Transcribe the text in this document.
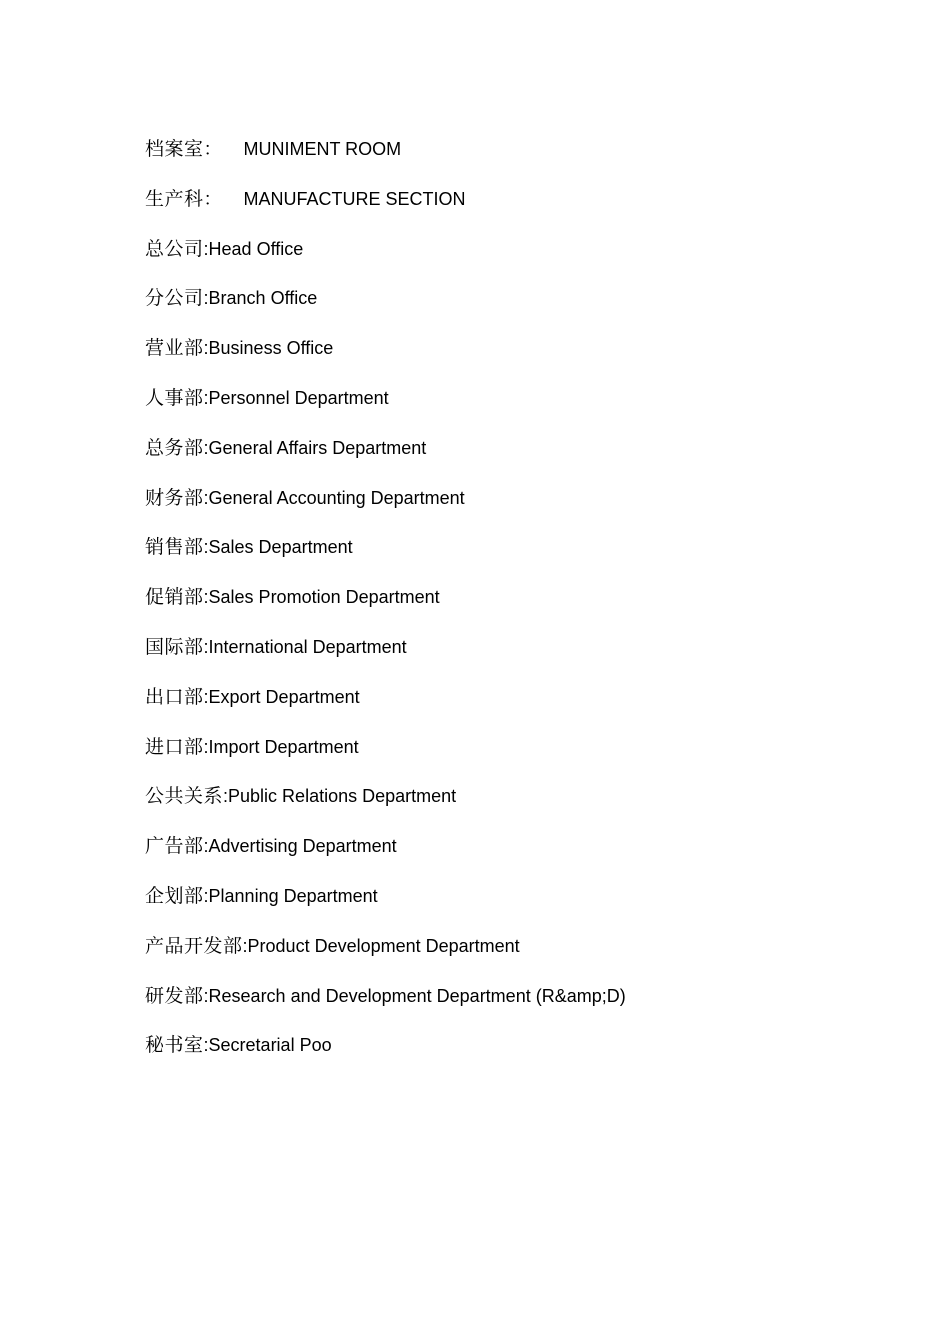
档案室 ：	MUNIMENT ROOM
生产科 ：	MANUFACTURE SECTION
总公司 : Head Office
分公司 : Branch Office
营业部 : Business Office
人事部 : Personnel Department
总务部 : General Affairs Department
财务部 : General Accounting Department
销售部 : Sales Department
促销部 : Sales Promotion Department
国际部 : International Department
出口部 : Export Department
进口部 : Import Department
公共关系 : Public Relations Department
广告部 : Advertising Department
企划部 : Planning Department
产品开发部 : Product Development Department
研发部 : Research and Development Department (R&amp;D)
秘书室 : Secretarial Poo
